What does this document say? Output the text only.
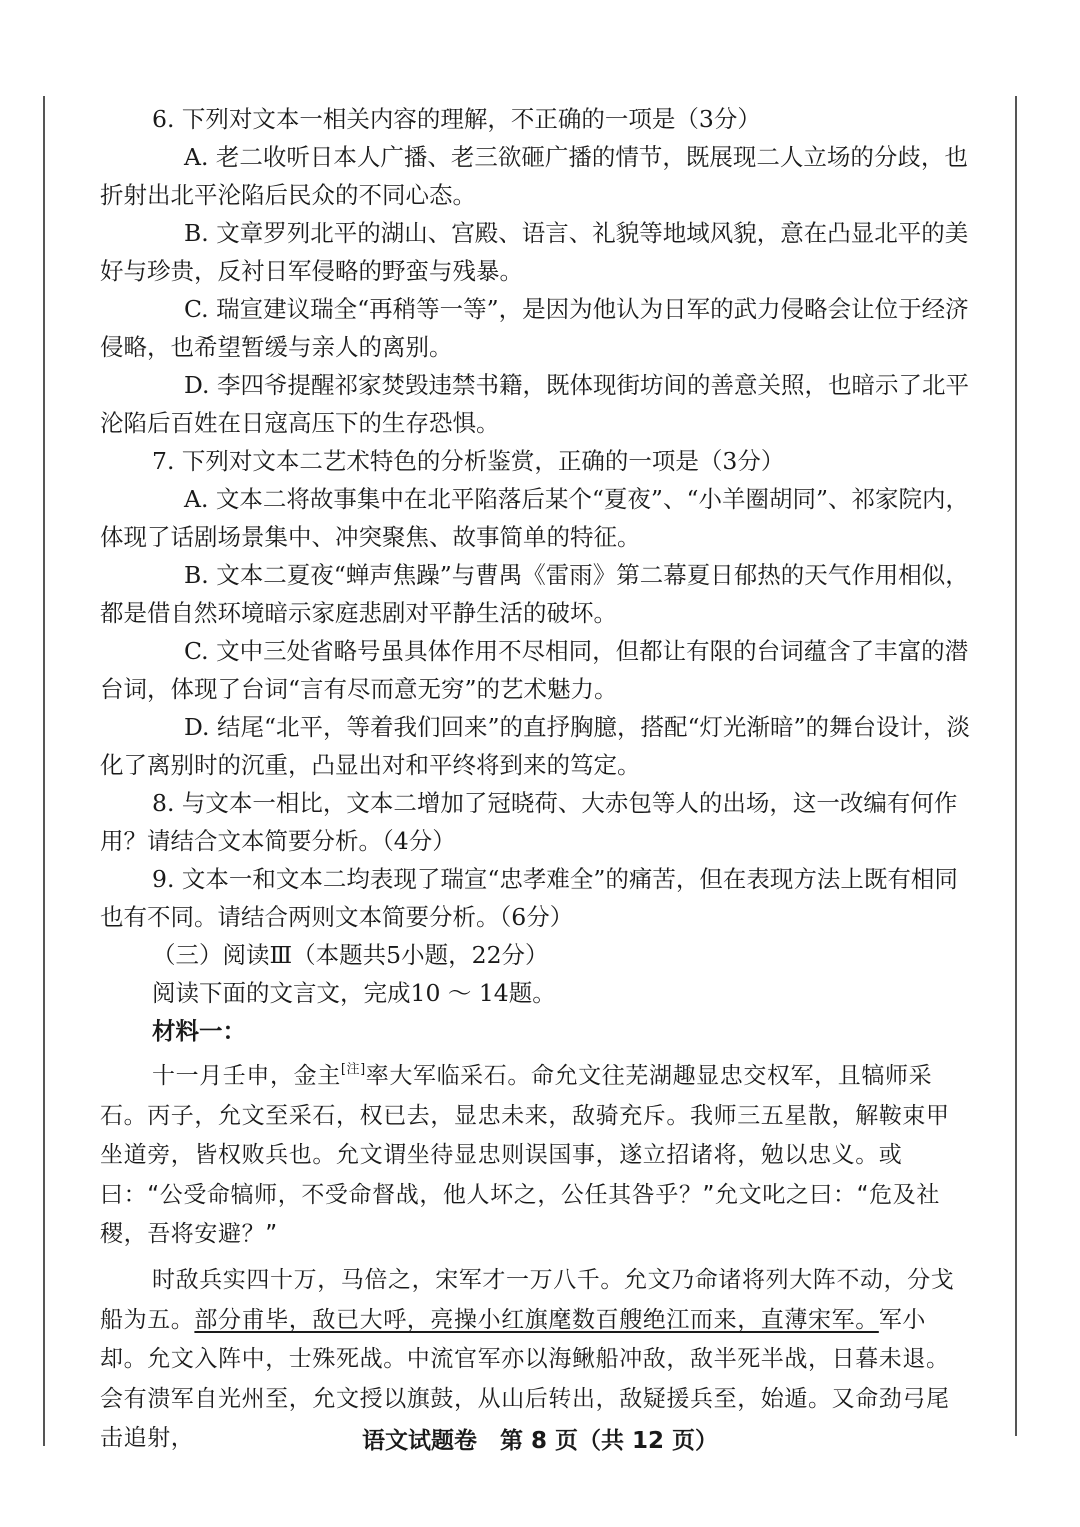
6. 下列对文本一相关内容的理解，不正确的一项是（3分）

A. 老二收听日本人广播、老三欲砸广播的情节，既展现二人立场的分歧，也折射出北平沦陷后民众的不同心态。

B. 文章罗列北平的湖山、宫殿、语言、礼貌等地域风貌，意在凸显北平的美好与珍贵，反衬日军侵略的野蛮与残暴。

C. 瑞宣建议瑞全“再稍等一等”，是因为他认为日军的武力侵略会让位于经济侵略，也希望暂缓与亲人的离别。

D. 李四爷提醒祁家焚毁违禁书籍，既体现街坊间的善意关照，也暗示了北平沦陷后百姓在日寇高压下的生存恐惧。

7. 下列对文本二艺术特色的分析鉴赏，正确的一项是（3分）

A. 文本二将故事集中在北平陷落后某个“夏夜”、“小羊圈胡同”、祁家院内，体现了话剧场景集中、冲突聚焦、故事简单的特征。

B. 文本二夏夜“蝉声焦躁”与曹禺《雷雨》第二幕夏日郁热的天气作用相似，都是借自然环境暗示家庭悲剧对平静生活的破坏。

C. 文中三处省略号虽具体作用不尽相同，但都让有限的台词蕴含了丰富的潜台词，体现了台词“言有尽而意无穷”的艺术魅力。

D. 结尾“北平，等着我们回来”的直抒胸臆，搭配“灯光渐暗”的舞台设计，淡化了离别时的沉重，凸显出对和平终将到来的笃定。

8. 与文本一相比，文本二增加了冠晓荷、大赤包等人的出场，这一改编有何作用？请结合文本简要分析。（4分）

9. 文本一和文本二均表现了瑞宣“忠孝难全”的痛苦，但在表现方法上既有相同也有不同。请结合两则文本简要分析。（6分）

（三）阅读Ⅲ（本题共5小题，22分）

阅读下面的文言文，完成10 ～ 14题。

材料一：

十一月壬申，金主[注]率大军临采石。命允文往芜湖趣显忠交权军，且犒师采石。丙子，允文至采石，权已去，显忠未来，敌骑充斥。我师三五星散，解鞍束甲坐道旁，皆权败兵也。允文谓坐待显忠则误国事，遂立招诸将，勉以忠义。或曰：“公受命犒师，不受命督战，他人坏之，公任其咎乎？”允文叱之曰：“危及社稷，吾将安避？”

时敌兵实四十万，马倍之，宋军才一万八千。允文乃命诸将列大阵不动，分戈船为五。部分甫毕，敌已大呼，亮操小红旗麾数百艘绝江而来，直薄宋军。军小却。允文入阵中，士殊死战。中流官军亦以海鳅船冲敌，敌半死半战，日暮未退。会有溃军自光州至，允文授以旗鼓，从山后转出，敌疑援兵至，始遁。又命劲弓尾击追射，	语文试题卷　第 8 页（共 12 页）
